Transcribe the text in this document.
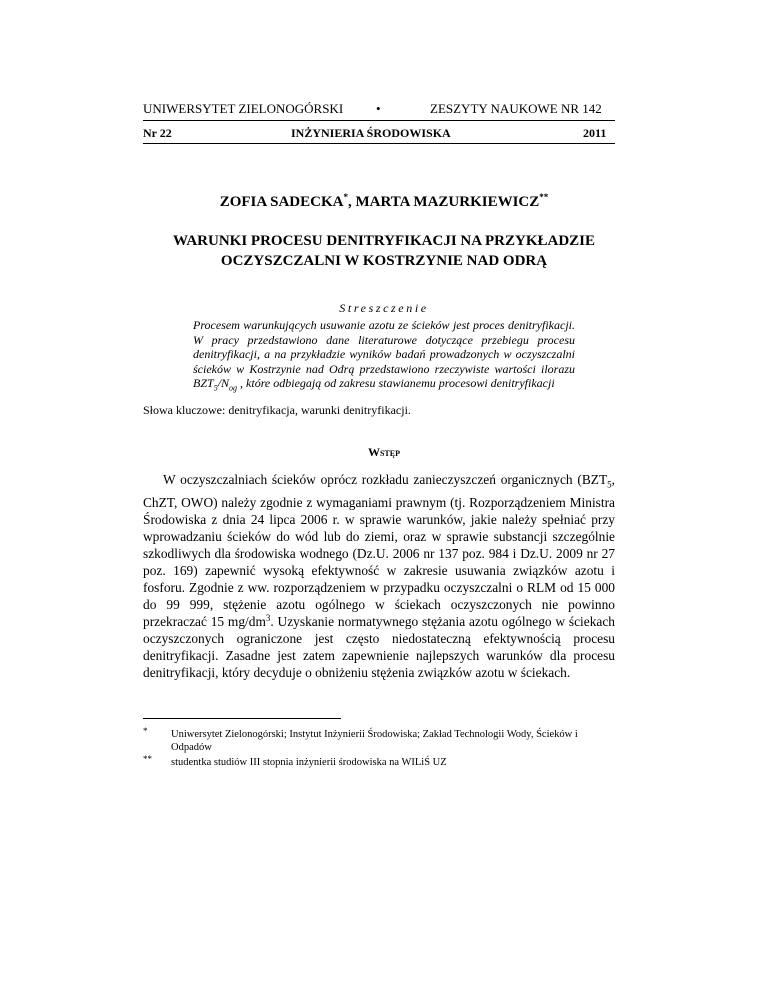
UNIWERSYTET ZIELONOGÓRSKI	•	ZESZYTY NAUKOWE NR 142
Nr 22	INŻYNIERIA ŚRODOWISKA	2011
ZOFIA SADECKA*, MARTA MAZURKIEWICZ**
WARUNKI PROCESU DENITRYFIKACJI NA PRZYKŁADZIE
OCZYSZCZALNI W KOSTRZYNIE NAD ODRĄ
Streszczenie
Procesem warunkujących usuwanie azotu ze ścieków jest proces denitryfikacji. W pracy przedstawiono dane literaturowe dotyczące przebiegu procesu denitryfikacji, a na przykładzie wyników badań prowadzonych w oczyszczalni ścieków w Kostrzynie nad Odrą przedstawiono rzeczywiste wartości ilorazu $BZT_5/N_{og}$ , które odbiegają od zakresu stawianemu procesowi denitryfikacji
Słowa kluczowe: denitryfikacja, warunki denitryfikacji.
Wstęp

W oczyszczalniach ścieków oprócz rozkładu zanieczyszczeń organicznych ($BZT_5$, ChZT, OWO) należy zgodnie z wymaganiami prawnym (tj. Rozporządzeniem Ministra Środowiska z dnia 24 lipca 2006 r. w sprawie warunków, jakie należy spełniać przy wprowadzaniu ścieków do wód lub do ziemi, oraz w sprawie substancji szczególnie szkodliwych dla środowiska wodnego (Dz.U. 2006 nr 137 poz. 984 i Dz.U. 2009 nr 27 poz. 169) zapewnić wysoką efektywność w zakresie usuwania związków azotu i fosforu. Zgodnie z ww. rozporządzeniem w przypadku oczyszczalni o RLM od 15 000 do 99 999, stężenie azotu ogólnego w ściekach oczyszczonych nie powinno przekraczać 15 $mg/dm^3$. Uzyskanie normatywnego stężania azotu ogólnego w ściekach oczyszczonych ograniczone jest często niedostateczną efektywnością procesu denitryfikacji. Zasadne jest zatem zapewnienie najlepszych warunków dla procesu denitryfikacji, który decyduje o obniżeniu stężenia związków azotu w ściekach.

* Uniwersytet Zielonogórski; Instytut Inżynierii Środowiska; Zakład Technologii Wody, Ścieków i Odpadów
** studentka studiów III stopnia inżynierii środowiska na WILiŚ UZ
